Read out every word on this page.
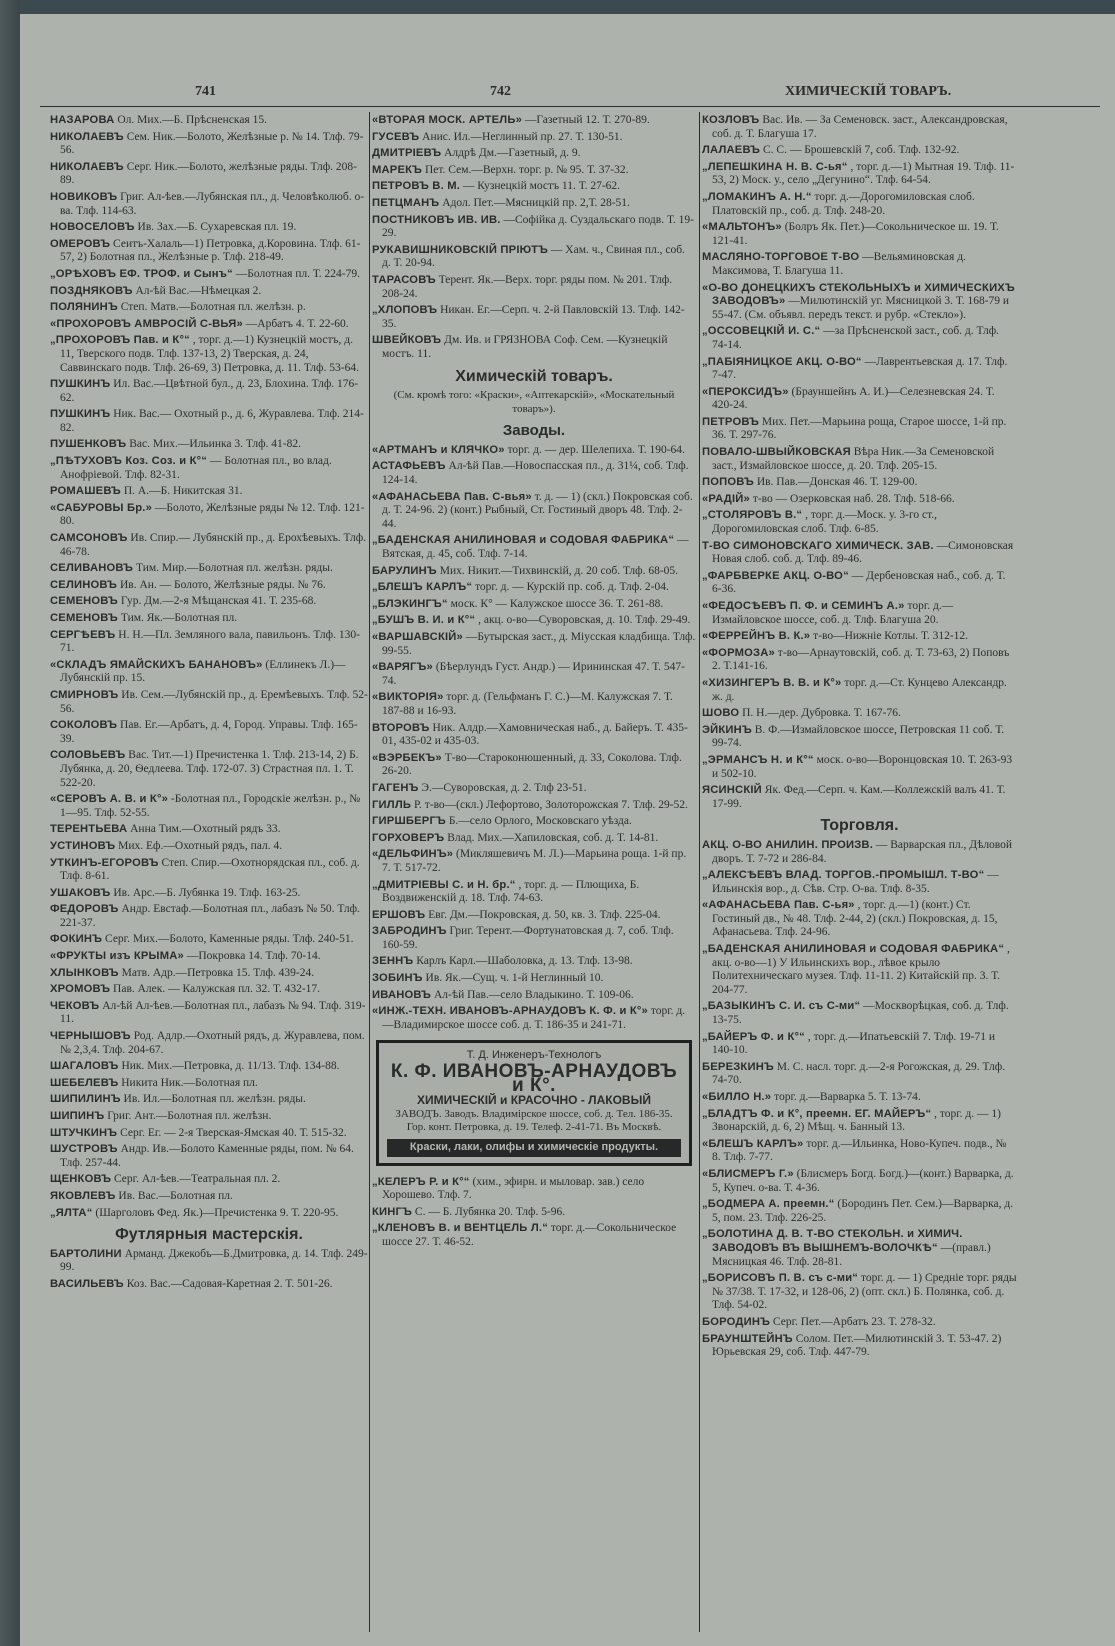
741	742	ХИМИЧЕСКІЙ ТОВАРЪ.
НАЗАРОВА Ол. Мих.—Б. Прѣсненская 15.
НИКОЛАЕВЪ Сем. Ник.—Болото, Желѣзные р. № 14. Тлф. 79-56.
НИКОЛАЕВЪ Серг. Ник.—Болото, желѣзные ряды. Тлф. 208-89.
НОВИКОВЪ Григ. Ал-ѣев.—Лубянская пл., д. Человѣколюб. о-ва. Тлф. 114-63.
НОВОСЕЛОВЪ Ив. Зах.—Б. Сухаревская пл. 19.
ОМЕРОВЪ Сеитъ-Халаль—1) Петровка, д.Коровина. Тлф. 61-57, 2) Болотная пл., Желѣзные р. Тлф. 218-49.
„ОРѢХОВЪ ЕФ. ТРОФ. и Сынъ“ —Болотная пл. Т. 224-79.
ПОЗДНЯКОВЪ Ал-ѣй Вас.—Нѣмецкая 2.
ПОЛЯНИНЪ Степ. Матв.—Болотная пл. желѣзн. р.
«ПРОХОРОВЪ АМВРОСІЙ С-ВЬЯ» —Арбатъ 4. Т. 22-60.
„ПРОХОРОВЪ Пав. и К°“ , торг. д.—1) Кузнецкій мостъ, д. 11, Тверского подв. Тлф. 137-13, 2) Тверская, д. 24, Саввинскаго подв. Тлф. 26-69, 3) Петровка, д. 11. Тлф. 53-64.
ПУШКИНЪ Ил. Вас.—Цвѣтной бул., д. 23, Блохина. Тлф. 176-62.
ПУШКИНЪ Ник. Вас.— Охотный р., д. 6, Журавлева. Тлф. 214-82.
ПУШЕНКОВЪ Вас. Мих.—Ильинка 3. Тлф. 41-82.
„ПѢТУХОВЪ Коз. Соз. и К°“ — Болотная пл., во влад. Анофріевой. Тлф. 82-31.
РОМАШЕВЪ П. А.—Б. Никитская 31.
«САБУРОВЫ Бр.» —Болото, Желѣзные ряды № 12. Тлф. 121-80.
САМСОНОВЪ Ив. Спир.— Лубянскій пр., д. Ерохѣевыхъ. Тлф. 46-78.
СЕЛИВАНОВЪ Тим. Мир.—Болотная пл. желѣзн. ряды.
СЕЛИНОВЪ Ив. Ан. — Болото, Желѣзные ряды. № 76.
СЕМЕНОВЪ Гур. Дм.—2-я Мѣщанская 41. Т. 235-68.
СЕМЕНОВЪ Тим. Як.—Болотная пл.
СЕРГѢЕВЪ Н. Н.—Пл. Земляного вала, павильонъ. Тлф. 130-71.
«СКЛАДЪ ЯМАЙСКИХЪ БАНАНОВЪ» (Еллинекъ Л.)—Лубянскій пр. 15.
СМИРНОВЪ Ив. Сем.—Лубянскій пр., д. Еремѣевыхъ. Тлф. 52-56.
СОКОЛОВЪ Пав. Ег.—Арбатъ, д. 4, Город. Управы. Тлф. 165-39.
СОЛОВЬЕВЪ Вас. Тит.—1) Пречистенка 1. Тлф. 213-14, 2) Б. Лубянка, д. 20, Ѳедлеева. Тлф. 172-07. 3) Страстная пл. 1. Т. 522-20.
«СЕРОВЪ А. В. и К°» -Болотная пл., Городскіе желѣзн. р., № 1—95. Тлф. 52-55.
ТЕРЕНТЬЕВА Анна Тим.—Охотный рядъ 33.
УСТИНОВЪ Мих. Еф.—Охотный рядъ, пал. 4.
УТКИНЪ-ЕГОРОВЪ Степ. Спир.—Охотнорядская пл., соб. д. Тлф. 8-61.
УШАКОВЪ Ив. Арс.—Б. Лубянка 19. Тлф. 163-25.
ФЕДОРОВЪ Андр. Евстаф.—Болотная пл., лабазъ № 50. Тлф. 221-37.
ФОКИНЪ Серг. Мих.—Болото, Каменные ряды. Тлф. 240-51.
«ФРУКТЫ изъ КРЫМА» —Покровка 14. Тлф. 70-14.
ХЛЫНКОВЪ Матв. Адр.—Петровка 15. Тлф. 439-24.
ХРОМОВЪ Пав. Алек. — Калужская пл. 32. Т. 432-17.
ЧЕКОВЪ Ал-ѣй Ал-ѣев.—Болотная пл., лабазъ № 94. Тлф. 319-11.
ЧЕРНЫШОВЪ Род. Адлр.—Охотный рядъ, д. Журавлева, пом. № 2,3,4. Тлф. 204-67.
ШАГАЛОВЪ Ник. Мих.—Петровка, д. 11/13. Тлф. 134-88.
ШЕБЕЛЕВЪ Никита Ник.—Болотная пл.
ШИПИЛИНЪ Ив. Ил.—Болотная пл. желѣзн. ряды.
ШИПИНЪ Григ. Ант.—Болотная пл. желѣзн.
ШТУЧКИНЪ Серг. Ег. — 2-я Тверская-Ямская 40. Т. 515-32.
ШУСТРОВЪ Андр. Ив.—Болото Каменные ряды, пом. № 64. Тлф. 257-44.
ЩЕНКОВЪ Серг. Ал-ѣев.—Театральная пл. 2.
ЯКОВЛЕВЪ Ив. Вас.—Болотная пл.
„ЯЛТА“ (Шарголовъ Фед. Як.)—Пречистенка 9. Т. 220-95.
Футлярныя мастерскія.
БАРТОЛИНИ Арманд. Джекобъ—Б.Дмитровка, д. 14. Тлф. 249-99.
ВАСИЛЬЕВЪ Коз. Вас.—Садовая-Каретная 2. Т. 501-26.
«ВТОРАЯ МОСК. АРТЕЛЬ» —Газетный 12. Т. 270-89.
ГУСЕВЪ Анис. Ил.—Неглинный пр. 27. Т. 130-51.
ДМИТРІЕВЪ Алдрѣ Дм.—Газетный, д. 9.
МАРЕКЪ Пет. Сем.—Верхн. торг. р. № 95. Т. 37-32.
ПЕТРОВЪ В. М. — Кузнецкій мостъ 11. Т. 27-62.
ПЕТЦМАНЪ Адол. Пет.—Мясницкій пр. 2,Т. 28-51.
ПОСТНИКОВЪ ИВ. ИВ. —Софійка д. Суздальскаго подв. Т. 19-29.
РУКАВИШНИКОВСКІЙ ПРІЮТЪ — Хам. ч., Свиная пл., соб. д. Т. 20-94.
ТАРАСОВЪ Терент. Як.—Верх. торг. ряды пом. № 201. Тлф. 208-24.
„ХЛОПОВЪ Никан. Ег.—Серп. ч. 2-й Павловскій 13. Тлф. 142-35.
ШВЕЙКОВЪ Дм. Ив. и ГРЯЗНОВА Соф. Сем. —Кузнецкій мостъ. 11.
Химическій товаръ.
(См. кромѣ того: «Краски», «Аптекарскій», «Москательный товаръ»).
Заводы.
«АРТМАНЪ и КЛЯЧКО» торг. д. — дер. Шелепиха. Т. 190-64.
АСТАФЬЕВЪ Ал-ѣй Пав.—Новоспасская пл., д. 31¼, соб. Тлф. 124-14.
«АФАНАСЬЕВА Пав. С-вья» т. д. — 1) (скл.) Покровская соб. д. Т. 24-96. 2) (конт.) Рыбный, Ст. Гостиный дворъ 48. Тлф. 2-44.
„БАДЕНСКАЯ АНИЛИНОВАЯ и СОДОВАЯ ФАБРИКА“ — Вятская, д. 45, соб. Тлф. 7-14.
БАРУЛИНЪ Мих. Никит.—Тихвинскій, д. 20 соб. Тлф. 68-05.
„БЛЕШЪ КАРЛЪ“ торг. д. — Курскій пр. соб. д. Тлф. 2-04.
„БЛЭКИНГЪ“ моск. К° — Калужское шоссе 36. Т. 261-88.
„БУШЪ В. И. и К°“ , акц. о-во—Суворовская, д. 10. Тлф. 29-49.
«ВАРШАВСКІЙ» —Бутырская заст., д. Міусская кладбища. Тлф. 99-55.
«ВАРЯГЪ» (Бѣерлундъ Густ. Андр.) — Ирининская 47. Т. 547-74.
«ВИКТОРІЯ» торг. д. (Гельфманъ Г. С.)—М. Калужская 7. Т. 187-88 и 16-93.
ВТОРОВЪ Ник. Алдр.—Хамовническая наб., д. Байеръ. Т. 435-01, 435-02 и 435-03.
«ВЭРБЕКЪ» Т-во—Староконюшенный, д. 33, Соколова. Тлф. 26-20.
ГАГЕНЪ Э.—Суворовская, д. 2. Тлф 23-51.
ГИЛЛЬ Р. т-во—(скл.) Лефортово, Золоторожская 7. Тлф. 29-52.
ГИРШБЕРГЪ Б.—село Орлого, Московскаго уѣзда.
ГОРХОВЕРЪ Влад. Мих.—Хапиловская, соб. д. Т. 14-81.
«ДЕЛЬФИНЪ» (Микляшевичъ М. Л.)—Марьина роща. 1-й пр. 7. Т. 517-72.
„ДМИТРІЕВЫ С. и Н. бр.“ , торг. д. — Плющиха, Б. Воздвиженскій д. 18. Тлф. 74-63.
ЕРШОВЪ Евг. Дм.—Покровская, д. 50, кв. 3. Тлф. 225-04.
ЗАБРОДИНЪ Григ. Терент.—Фортунатовская д. 7, соб. Тлф. 160-59.
ЗЕННЪ Карлъ Карл.—Шаболовка, д. 13. Тлф. 13-98.
ЗОБИНЪ Ив. Як.—Сущ. ч. 1-й Неглинный 10.
ИВАНОВЪ Ал-ѣй Пав.—село Владыкино. Т. 109-06.
«ИНЖ.-ТЕХН. ИВАНОВЪ-АРНАУДОВЪ К. Ф. и К°» торг. д.—Владимирское шоссе соб. д. Т. 186-35 и 241-71.
Т. Д. Инженеръ-Технологъ
К. Ф. ИВАНОВЪ-АРНАУДОВЪ и К°.
ХИМИЧЕСКІЙ и КРАСОЧНО - ЛАКОВЫЙ
ЗАВОДЪ. Заводъ. Владимірское шоссе, соб. д. Тел. 186-35. Гор. конт. Петровка, д. 19. Телеф. 2-41-71. Въ Москвѣ.
Краски, лаки, олифы и химическіе продукты.
„КЕЛЕРЪ Р. и К°“ (хим., эфирн. и мыловар. зав.) село Хорошево. Тлф. 7.
КИНГЪ С. — Б. Лубянка 20. Тлф. 5-96.
„КЛЕНОВЪ В. и ВЕНТЦЕЛЬ Л.“ торг. д.—Сокольническое шоссе 27. Т. 46-52.
КОЗЛОВЪ Вас. Ив. — За Семеновск. заст., Александровская, соб. д. Т. Благуша 17.
ЛАЛАЕВЪ С. С. — Брошевскій 7, соб. Тлф. 132-92.
„ЛЕПЕШКИНА Н. В. С-ья“ , торг. д.—1) Мытная 19. Тлф. 11-53, 2) Моск. у., село „Дегунино“. Тлф. 64-54.
„ЛОМАКИНЪ А. Н.“ торг. д.—Дорогомиловская слоб. Платовскій пр., соб. д. Тлф. 248-20.
«МАЛЬТОНЪ» (Болръ Як. Пет.)—Сокольническое ш. 19. Т. 121-41.
МАСЛЯНО-ТОРГОВОЕ Т-ВО —Вельяминовская д. Максимова, Т. Благуша 11.
«О-ВО ДОНЕЦКИХЪ СТЕКОЛЬНЫХЪ и ХИМИЧЕСКИХЪ ЗАВОДОВЪ» —Милютинскій уг. Мясницкой 3. Т. 168-79 и 55-47. (См. объявл. передъ текст. и рубр. «Стекло»).
„ОССОВЕЦКІЙ И. С.“ —за Прѣсненской заст., соб. д. Тлф. 74-14.
„ПАБІЯНИЦКОЕ АКЦ. О-ВО“ —Лаврентьевская д. 17. Тлф. 7-47.
«ПЕРОКСИДЪ» (Брауншейнъ А. И.)—Селезневская 24. Т. 420-24.
ПЕТРОВЪ Мих. Пет.—Марьина роща, Старое шоссе, 1-й пр. 36. Т. 297-76.
ПОВАЛО-ШВЫЙКОВСКАЯ Вѣра Ник.—За Семеновской заст., Измайловское шоссе, д. 20. Тлф. 205-15.
ПОПОВЪ Ив. Пав.—Донская 46. Т. 129-00.
«РАДІЙ» т-во — Озерковская наб. 28. Тлф. 518-66.
„СТОЛЯРОВЪ В.“ , торг. д.—Моск. у. 3-го ст., Дорогомиловская слоб. Тлф. 6-85.
Т-ВО СИМОНОВСКАГО ХИМИЧЕСК. ЗАВ. —Симоновская Новая слоб. соб. д. Тлф. 89-46.
„ФАРБВЕРКЕ АКЦ. О-ВО“ — Дербеновская наб., соб. д. Т. 6-36.
«ФЕДОСѢЕВЪ П. Ф. и СЕМИНЪ А.» торг. д.—Измайловское шоссе, соб. д. Тлф. Благуша 20.
«ФЕРРЕЙНЪ В. К.» т-во—Нижніе Котлы. Т. 312-12.
«ФОРМОЗА» т-во—Арнаутовскій, соб. д. Т. 73-63, 2) Поповъ 2. Т.141-16.
«ХИЗИНГЕРЪ В. В. и К°» торг. д.—Ст. Кунцево Александр. ж. д.
ШОВО П. Н.—дер. Дубровка. Т. 167-76.
ЭЙКИНЪ В. Ф.—Измайловское шоссе, Петровская 11 соб. Т. 99-74.
„ЭРМАНСЪ Н. и К°“ моск. о-во—Воронцовская 10. Т. 263-93 и 502-10.
ЯСИНСКІЙ Як. Фед.—Серп. ч. Кам.—Коллежскій валъ 41. Т. 17-99.
Торговля.
АКЦ. О-ВО АНИЛИН. ПРОИЗВ. — Варварская пл., Дѣловой дворъ. Т. 7-72 и 286-84.
„АЛЕКСѢЕВЪ ВЛАД. ТОРГОВ.-ПРОМЫШЛ. Т-ВО“ —Ильинскія вор., д. Сѣв. Стр. О-ва. Тлф. 8-35.
«АФАНАСЬЕВА Пав. С-ья» , торг. д.—1) (конт.) Ст. Гостиный дв., № 48. Тлф. 2-44, 2) (скл.) Покровская, д. 15, Афанасьева. Тлф. 24-96.
„БАДЕНСКАЯ АНИЛИНОВАЯ и СОДОВАЯ ФАБРИКА“ , акц. о-во—1) У Ильинскихъ вор., лѣвое крыло Политехническаго музея. Тлф. 11-11. 2) Китайскій пр. 3. Т. 204-77.
„БАЗЫКИНЪ С. И. съ С-ми“ —Москворѣцкая, соб. д. Тлф. 13-75.
„БАЙЕРЪ Ф. и К°“ , торг. д.—Ипатьевскій 7. Тлф. 19-71 и 140-10.
БЕРЕЗКИНЪ М. С. насл. торг. д.—2-я Рогожская, д. 29. Тлф. 74-70.
«БИЛЛО Н.» торг. д.—Варварка 5. Т. 13-74.
„БЛАДТЪ Ф. и К°, преемн. ЕГ. МАЙЕРЪ“ , торг. д. — 1) Звонарскій, д. 6, 2) Мѣщ. ч. Банный 13.
«БЛЕШЪ КАРЛЪ» торг. д.—Ильинка, Ново-Купеч. подв., № 8. Тлф. 7-77.
«БЛИСМЕРЪ Г.» (Блисмеръ Богд. Богд.)—(конт.) Варварка, д. 5, Купеч. о-ва. Т. 4-36.
„БОДМЕРА А. преемн.“ (Бородинъ Пет. Сем.)—Варварка, д. 5, пом. 23. Тлф. 226-25.
„БОЛОТИНА Д. В. Т-ВО СТЕКОЛЬН. и ХИМИЧ. ЗАВОДОВЪ ВЪ ВЫШНЕМЪ-ВОЛОЧКѢ“ —(правл.) Мясницкая 46. Тлф. 28-81.
„БОРИСОВЪ П. В. съ с-ми“ торг. д. — 1) Средніе торг. ряды № 37/38. Т. 17-32, и 128-06, 2) (опт. скл.) Б. Полянка, соб. д. Тлф. 54-02.
БОРОДИНЪ Серг. Пет.—Арбатъ 23. Т. 278-32.
БРАУНШТЕЙНЪ Солом. Пет.—Милютинскій 3. Т. 53-47. 2) Юрьевская 29, соб. Тлф. 447-79.
